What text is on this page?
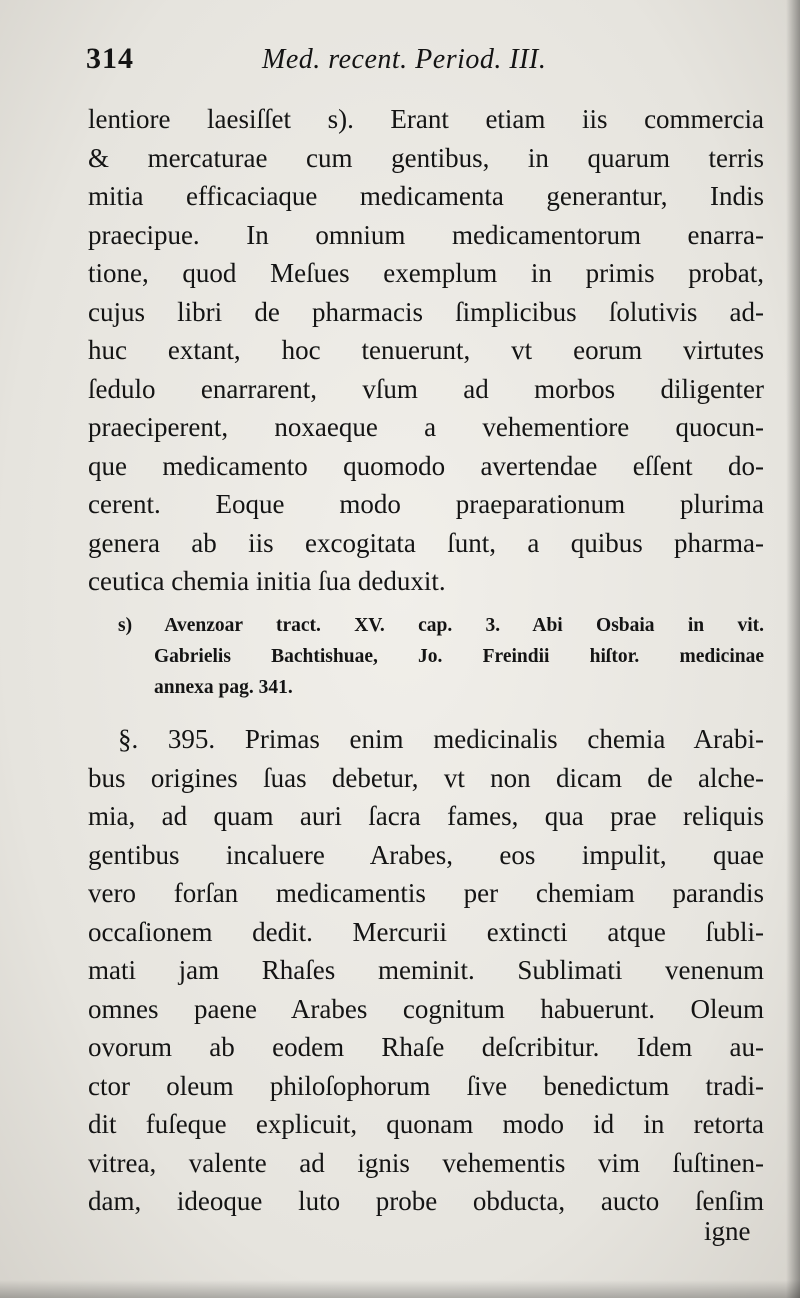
314	Med. recent. Period. III.
lentiore laesiſſet s). Erant etiam iis commercia
& mercaturae cum gentibus, in quarum terris
mitia efficaciaque medicamenta generantur, Indis
praecipue. In omnium medicamentorum enarra-
tione, quod Meſues exemplum in primis probat,
cujus libri de pharmacis ſimplicibus ſolutivis ad-
huc extant, hoc tenuerunt, vt eorum virtutes
ſedulo enarrarent, vſum ad morbos diligenter
praeciperent, noxaeque a vehementiore quocun-
que medicamento quomodo avertendae eſſent do-
cerent. Eoque modo praeparationum plurima
genera ab iis excogitata ſunt, a quibus pharma-
ceutica chemia initia ſua deduxit.
s) Avenzoar tract. XV. cap. 3. Abi Osbaia in vit.
Gabrielis Bachtishuae, Jo. Freindii hiſtor. medicinae
annexa pag. 341.
§. 395. Primas enim medicinalis chemia Arabi-
bus origines ſuas debetur, vt non dicam de alche-
mia, ad quam auri ſacra fames, qua prae reliquis
gentibus incaluere Arabes, eos impulit, quae
vero forſan medicamentis per chemiam parandis
occaſionem dedit. Mercurii extincti atque ſubli-
mati jam Rhaſes meminit. Sublimati venenum
omnes paene Arabes cognitum habuerunt. Oleum
ovorum ab eodem Rhaſe deſcribitur. Idem au-
ctor oleum philoſophorum ſive benedictum tradi-
dit fuſeque explicuit, quonam modo id in retorta
vitrea, valente ad ignis vehementis vim ſuſtinen-
dam, ideoque luto probe obducta, aucto ſenſim
igne
